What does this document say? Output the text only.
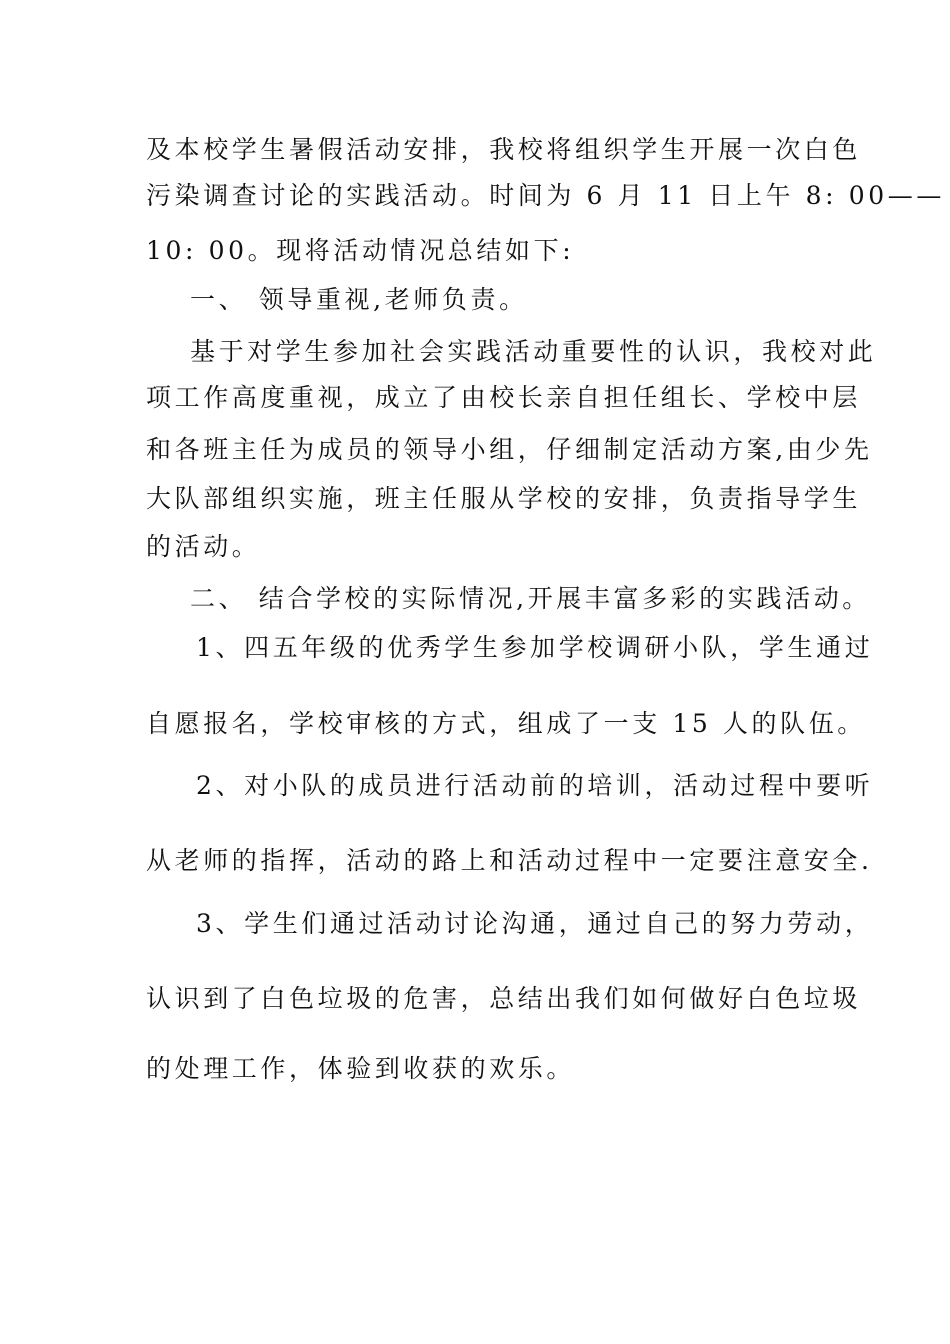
及本校学生暑假活动安排，我校将组织学生开展一次白色
污染调查讨论的实践活动。时间为 6 月 11 日上午 8: 00——
10: 00。现将活动情况总结如下:
一、 领导重视,老师负责。
基于对学生参加社会实践活动重要性的认识，我校对此
项工作高度重视，成立了由校长亲自担任组长、学校中层
和各班主任为成员的领导小组，仔细制定活动方案,由少先
大队部组织实施，班主任服从学校的安排，负责指导学生
的活动。
二、 结合学校的实际情况,开展丰富多彩的实践活动。
1、四五年级的优秀学生参加学校调研小队，学生通过
自愿报名，学校审核的方式，组成了一支 15 人的队伍。
2、对小队的成员进行活动前的培训，活动过程中要听
从老师的指挥，活动的路上和活动过程中一定要注意安全.
3、学生们通过活动讨论沟通，通过自己的努力劳动，
认识到了白色垃圾的危害，总结出我们如何做好白色垃圾
的处理工作，体验到收获的欢乐。
